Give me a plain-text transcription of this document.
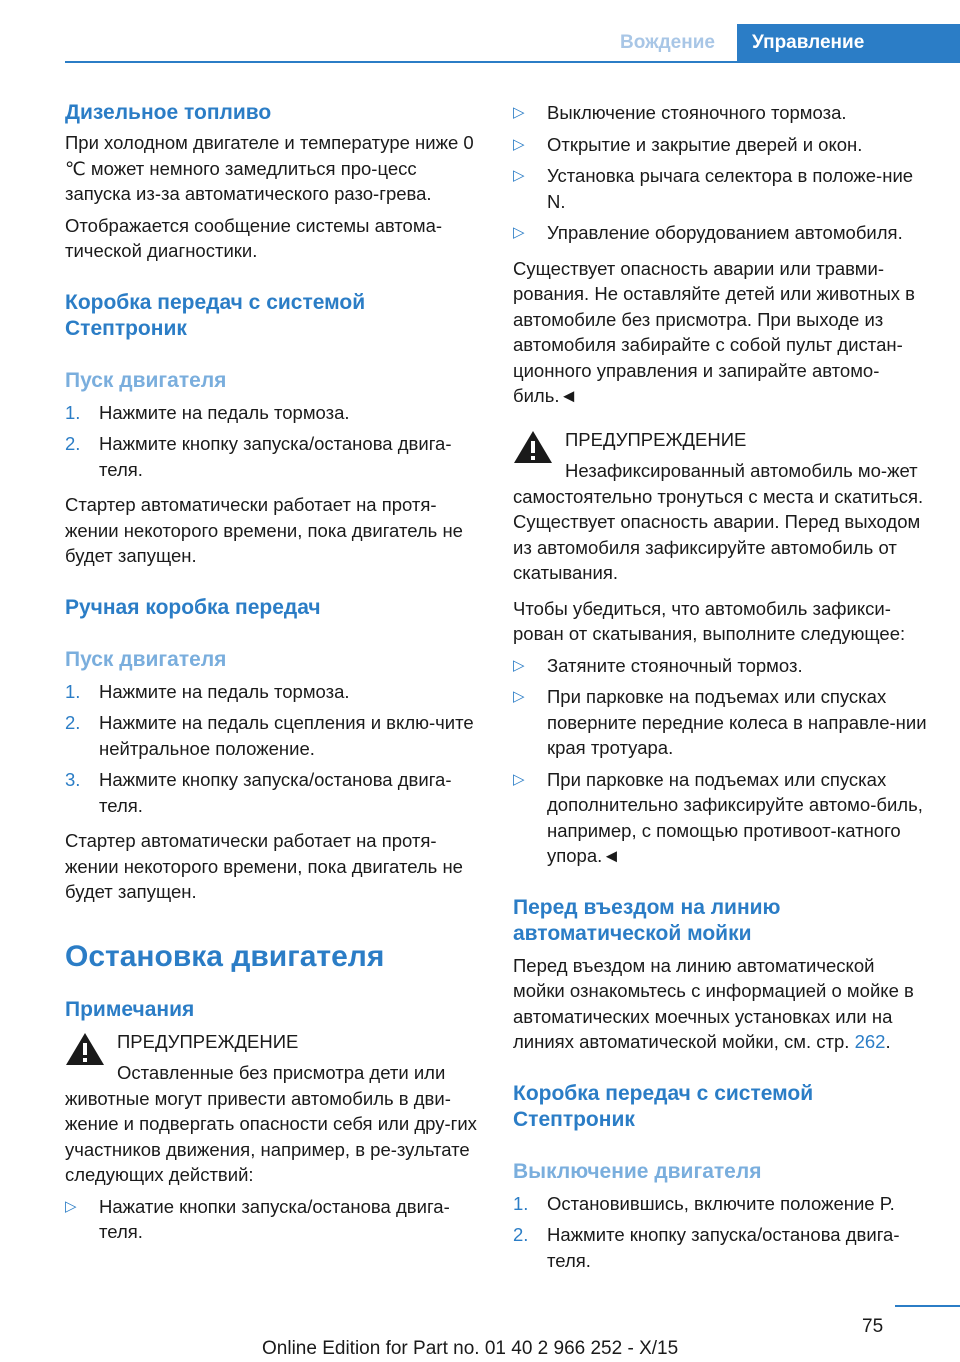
Вождение	Управление
Дизельное топливо

При холодном двигателе и температуре ниже 0 ℃ может немного замедлиться про-цесс запуска из-за автоматического разо-грева.

Отображается сообщение системы автома-тической диагностики.

Коробка передач с системой Стептроник
Пуск двигателя
1. Нажмите на педаль тормоза.
2. Нажмите кнопку запуска/останова двига-теля.

Стартер автоматически работает на протя-жении некоторого времени, пока двигатель не будет запущен.

Ручная коробка передач
Пуск двигателя
1. Нажмите на педаль тормоза.
2. Нажмите на педаль сцепления и вклю-чите нейтральное положение.
3. Нажмите кнопку запуска/останова двига-теля.

Стартер автоматически работает на протя-жении некоторого времени, пока двигатель не будет запущен.

Остановка двигателя
Примечания

ПРЕДУПРЕЖДЕНИЕ

Оставленные без присмотра дети или животные могут привести автомобиль в дви-жение и подвергать опасности себя или дру-гих участников движения, например, в ре-зультате следующих действий:

▷ Нажатие кнопки запуска/останова двига-теля.
▷ Выключение стояночного тормоза.
▷ Открытие и закрытие дверей и окон.
▷ Установка рычага селектора в положе-ние N.
▷ Управление оборудованием автомобиля.

Существует опасность аварии или травми-рования. Не оставляйте детей или животных в автомобиле без присмотра. При выходе из автомобиля забирайте с собой пульт дистан-ционного управления и запирайте автомо-биль.◄

ПРЕДУПРЕЖДЕНИЕ

Незафиксированный автомобиль мо-жет самостоятельно тронуться с места и скатиться. Существует опасность аварии. Перед выходом из автомобиля зафиксируйте автомобиль от скатывания.

Чтобы убедиться, что автомобиль зафикси-рован от скатывания, выполните следующее:

▷ Затяните стояночный тормоз.
▷ При парковке на подъемах или спусках поверните передние колеса в направле-нии края тротуара.
▷ При парковке на подъемах или спусках дополнительно зафиксируйте автомо-биль, например, с помощью противоот-катного упора.◄
Перед въездом на линию автоматической мойки

Перед въездом на линию автоматической мойки ознакомьтесь с информацией о мойке в автоматических моечных установках или на линиях автоматической мойки, см. стр. 262.

Коробка передач с системой Стептроник
Выключение двигателя
1. Остановившись, включите положение P.
2. Нажмите кнопку запуска/останова двига-теля.
75
Online Edition for Part no. 01 40 2 966 252 - X/15
